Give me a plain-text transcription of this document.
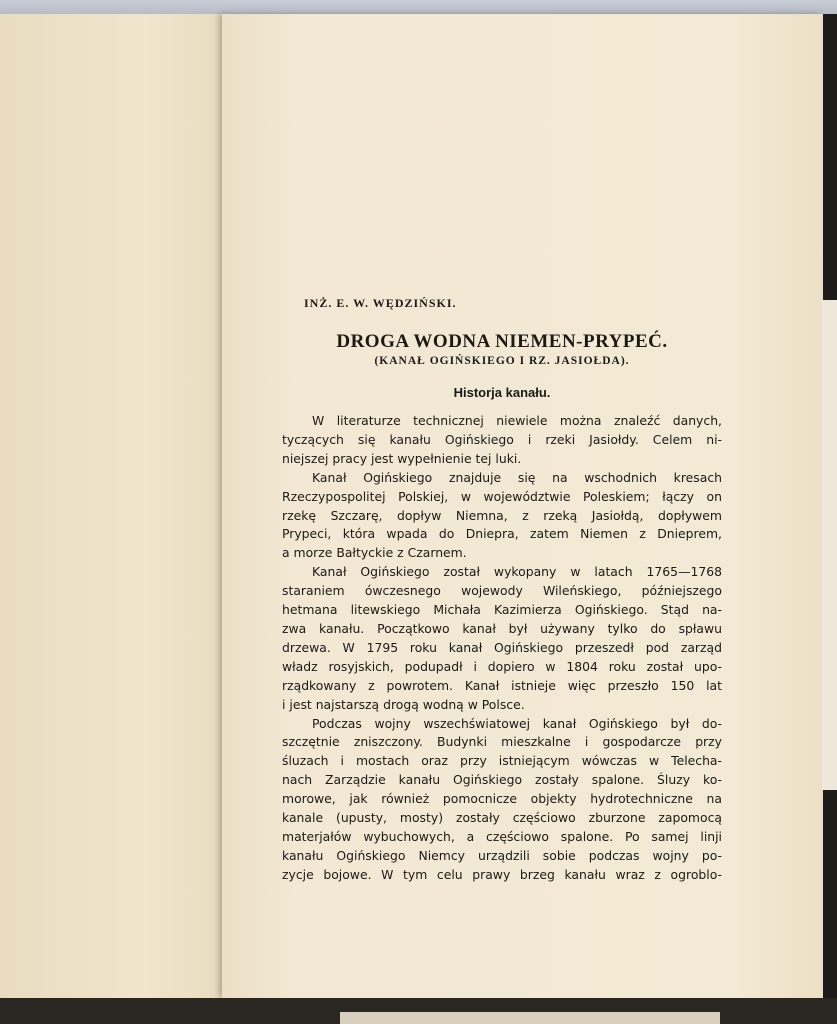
INŻ. E. W. WĘDZIŃSKI.

DROGA WODNA NIEMEN-PRYPEĆ.
(KANAŁ OGIŃSKIEGO I RZ. JASIOŁDA).
Historja kanału.

W literaturze technicznej niewiele można znaleźć danych,
tyczących się kanału Ogińskiego i rzeki Jasiołdy. Celem ni-
niejszej pracy jest wypełnienie tej luki.

Kanał Ogińskiego znajduje się na wschodnich kresach
Rzeczypospolitej Polskiej, w województwie Poleskiem; łączy on
rzekę Szczarę, dopływ Niemna, z rzeką Jasiołdą, dopływem
Prypeci, która wpada do Dniepra, zatem Niemen z Dnieprem,
a morze Bałtyckie z Czarnem.

Kanał Ogińskiego został wykopany w latach 1765—1768
staraniem ówczesnego wojewody Wileńskiego, późniejszego
hetmana litewskiego Michała Kazimierza Ogińskiego. Stąd na-
zwa kanału. Początkowo kanał był używany tylko do spławu
drzewa. W 1795 roku kanał Ogińskiego przeszedł pod zarząd
władz rosyjskich, podupadł i dopiero w 1804 roku został upo-
rządkowany z powrotem. Kanał istnieje więc przeszło 150 lat
i jest najstarszą drogą wodną w Polsce.

Podczas wojny wszechświatowej kanał Ogińskiego był do-
szczętnie zniszczony. Budynki mieszkalne i gospodarcze przy
śluzach i mostach oraz przy istniejącym wówczas w Telecha-
nach Zarządzie kanału Ogińskiego zostały spalone. Śluzy ko-
morowe, jak również pomocnicze objekty hydrotechniczne na
kanale (upusty, mosty) zostały częściowo zburzone zapomocą
materjałów wybuchowych, a częściowo spalone. Po samej linji
kanału Ogińskiego Niemcy urządzili sobie podczas wojny po-
zycje bojowe. W tym celu prawy brzeg kanału wraz z ogroblo-
